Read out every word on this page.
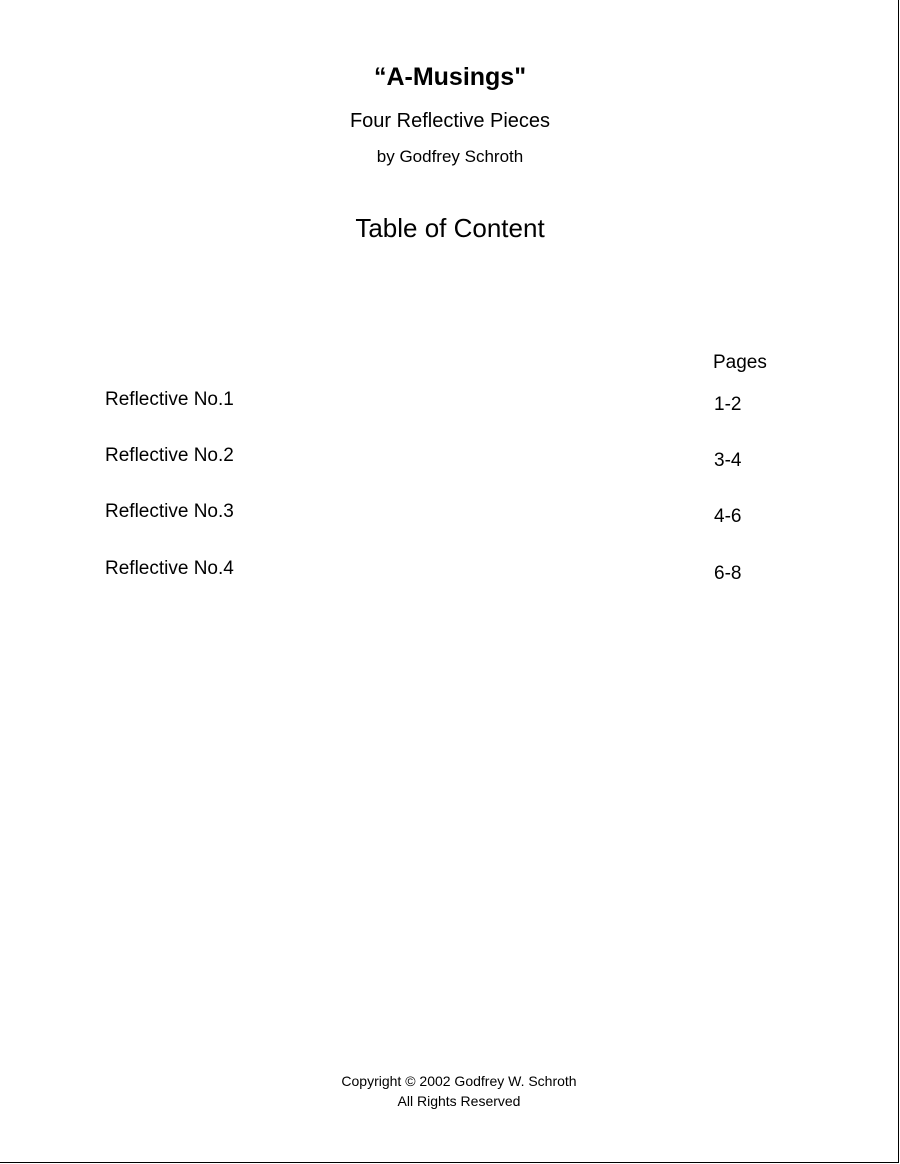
“A-Musings"
Four Reflective Pieces
by Godfrey Schroth
Table of Content
Pages
Reflective No.1	1-2
Reflective No.2	3-4
Reflective No.3	4-6
Reflective No.4	6-8
Copyright © 2002 Godfrey W. Schroth
All Rights Reserved
